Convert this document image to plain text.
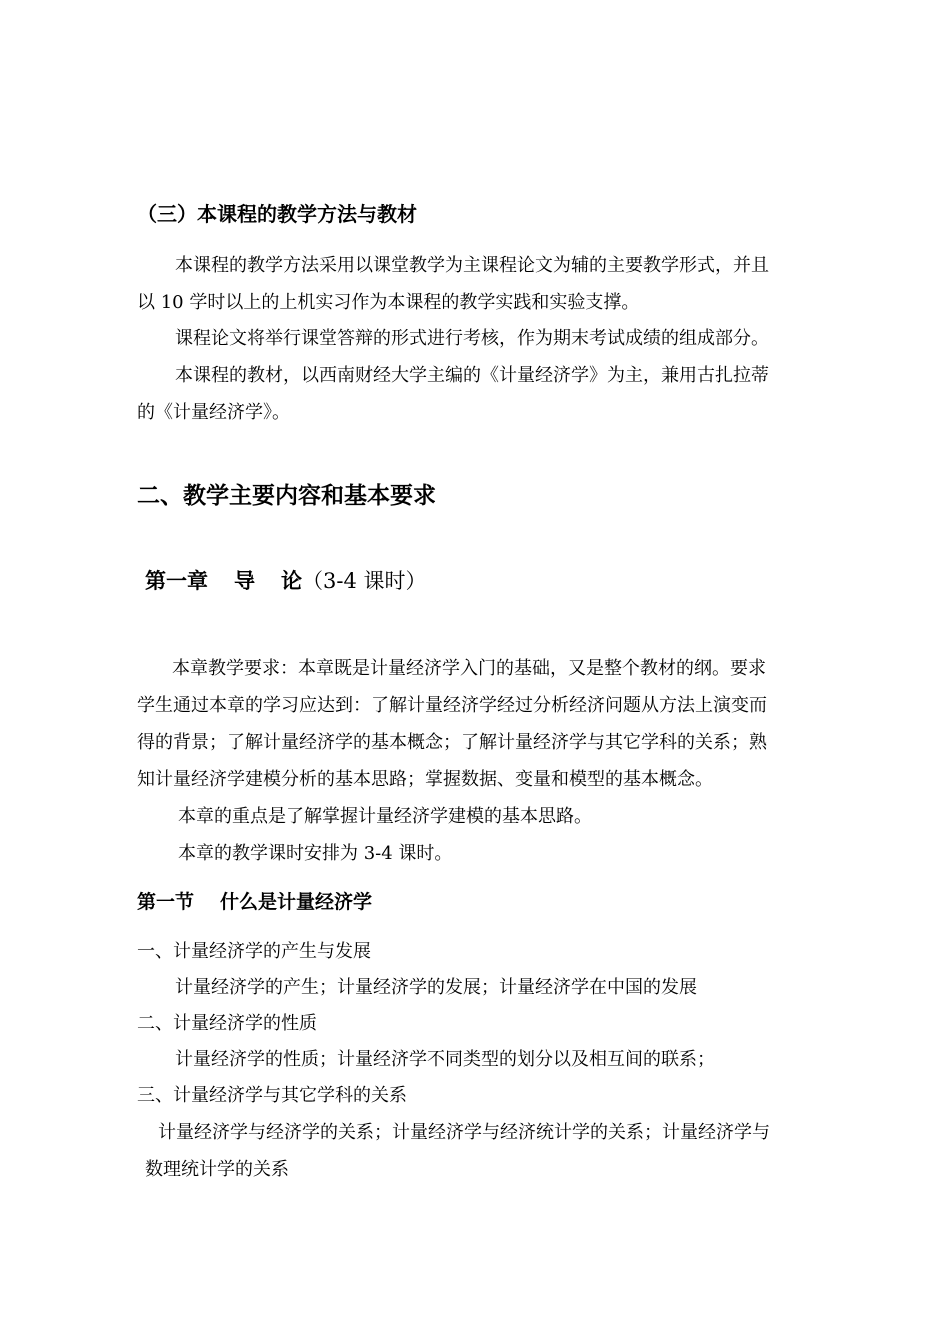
（三）本课程的教学方法与教材
本课程的教学方法采用以课堂教学为主课程论文为辅的主要教学形式，并且
以 10 学时以上的上机实习作为本课程的教学实践和实验支撑。
课程论文将举行课堂答辩的形式进行考核，作为期末考试成绩的组成部分。
本课程的教材，以西南财经大学主编的《计量经济学》为主，兼用古扎拉蒂
的《计量经济学》。
二、教学主要内容和基本要求
第一章 导 论（3-4 课时）
本章教学要求：本章既是计量经济学入门的基础，又是整个教材的纲。要求
学生通过本章的学习应达到：了解计量经济学经过分析经济问题从方法上演变而
得的背景；了解计量经济学的基本概念；了解计量经济学与其它学科的关系；熟
知计量经济学建模分析的基本思路；掌握数据、变量和模型的基本概念。
本章的重点是了解掌握计量经济学建模的基本思路。
本章的教学课时安排为 3-4 课时。
第一节 什么是计量经济学
一、计量经济学的产生与发展
计量经济学的产生；计量经济学的发展；计量经济学在中国的发展
二、计量经济学的性质
计量经济学的性质；计量经济学不同类型的划分以及相互间的联系；
三、计量经济学与其它学科的关系
计量经济学与经济学的关系；计量经济学与经济统计学的关系；计量经济学与
数理统计学的关系
